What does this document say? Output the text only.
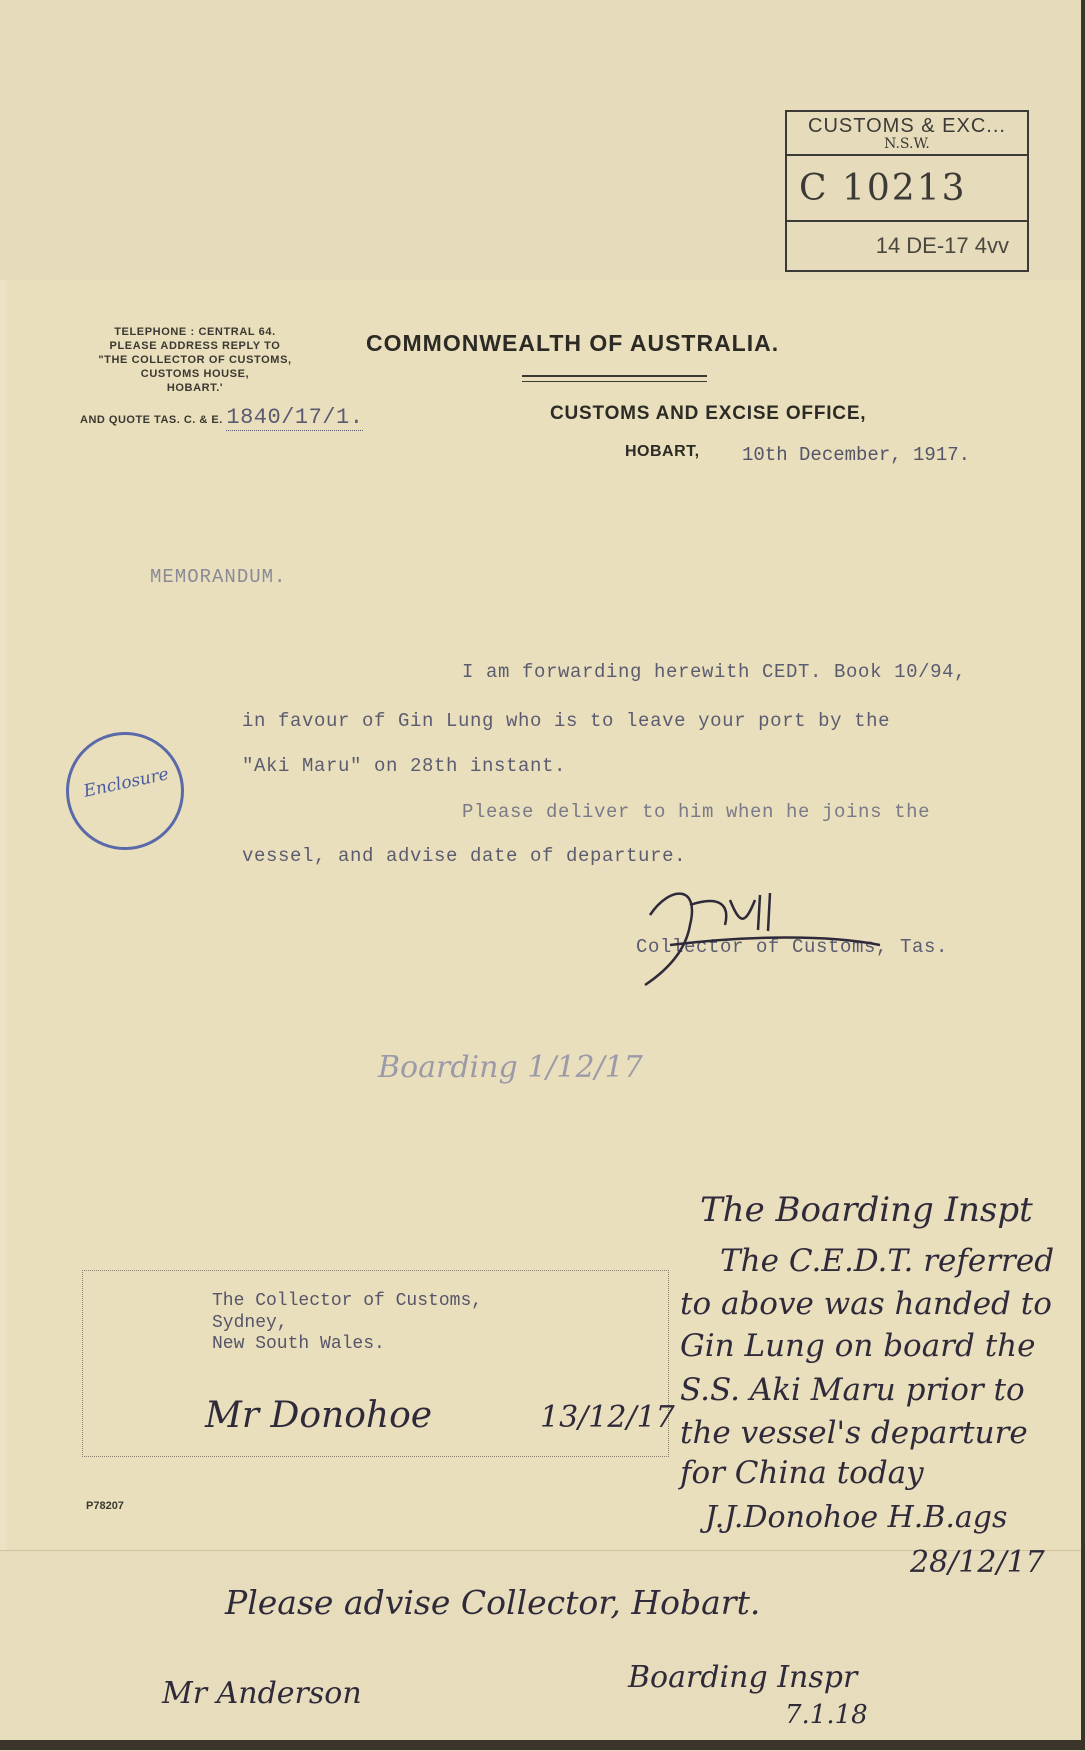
CUSTOMS & EXC...
N.S.W.
C 10213
14 DE-17 4vv
TELEPHONE : CENTRAL 64.
PLEASE ADDRESS REPLY TO
"THE COLLECTOR OF CUSTOMS,
CUSTOMS HOUSE,
HOBART.'
AND QUOTE TAS. C. & E. 1840/17/1.
COMMONWEALTH OF AUSTRALIA.
CUSTOMS AND EXCISE OFFICE,
HOBART, 10th December, 1917.
MEMORANDUM.
I am forwarding herewith CEDT. Book 10/94,
in favour of Gin Lung who is to leave your port by the
"Aki Maru" on 28th instant.
Please deliver to him when he joins the
vessel, and advise date of departure.
Collector of Customs, Tas.
Enclosure
Boarding 1/12/17
The Collector of Customs,
Sydney,
New South Wales.
Mr Donohoe	13/12/17
P78207
The Boarding Inspt
The C.E.D.T. referred
to above was handed to
Gin Lung on board the
S.S. Aki Maru prior to
the vessel's departure
for China today
J.J.Donohoe H.B.ags
28/12/17
Please advise Collector, Hobart.
Mr Anderson	Boarding Inspr
7.1.18
